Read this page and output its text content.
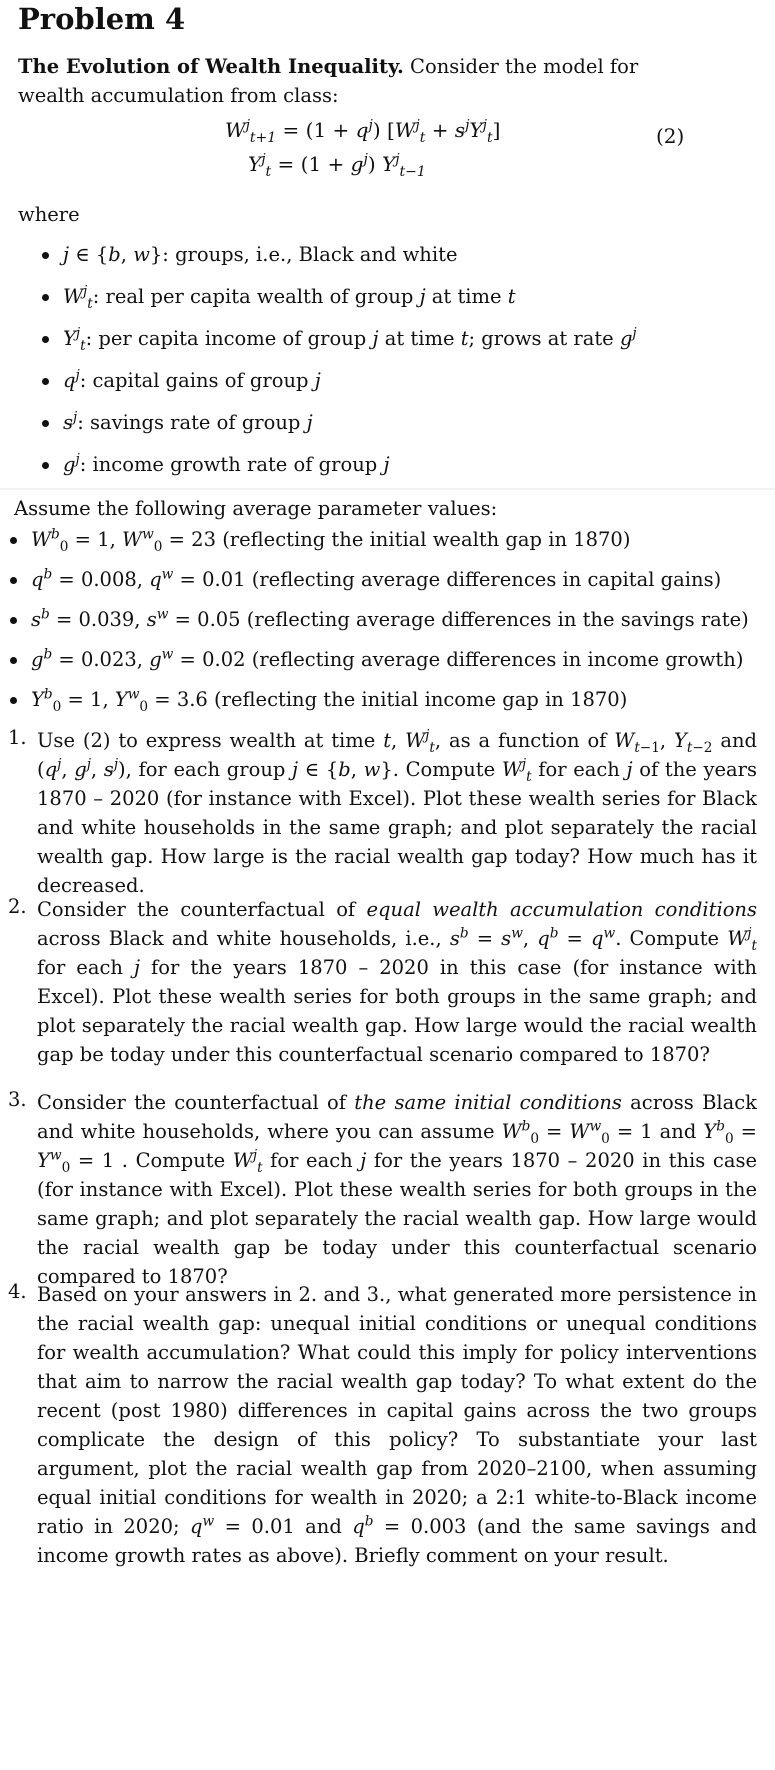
Problem 4
The Evolution of Wealth Inequality. Consider the model for wealth accumulation from class:
$W^j_{t+1} = (1 + q^j) [W^j_t + s^jY^j_t]$
$Y^j_t = (1 + g^j)$ $Y^j_{t-1}$
(2)
where
j ∈ {b, w}: groups, i.e., Black and white
$W^j_t$: real per capita wealth of group j at time t
$Y^j_t$: per capita income of group j at time t; grows at rate $g^j$
$q^j$: capital gains of group j
$s^j$: savings rate of group j
$g^j$: income growth rate of group j
Assume the following average parameter values:
$W^b_0 = 1$, $W^w_0 = 23$ (reflecting the initial wealth gap in 1870)
$q^b = 0.008$, $q^w = 0.01$ (reflecting average differences in capital gains)
$s^b = 0.039$, $s^w = 0.05$ (reflecting average differences in the savings rate)
$g^b = 0.023$, $g^w = 0.02$ (reflecting average differences in income growth)
$Y^b_0 = 1$, $Y^w_0 = 3.6$ (reflecting the initial income gap in 1870)
1. Use (2) to express wealth at time t, $W^j_t$, as a function of $W_{t-1}$, $Y_{t-2}$ and ($q^j$, $g^j$, $s^j$), for each group j ∈ {b, w}. Compute $W^j_t$ for each j of the years 1870 – 2020 (for instance with Excel). Plot these wealth series for Black and white households in the same graph; and plot separately the racial wealth gap. How large is the racial wealth gap today? How much has it decreased.
2. Consider the counterfactual of equal wealth accumulation conditions across Black and white households, i.e., $s^b = s^w$, $q^b = q^w$. Compute $W^j_t$ for each j for the years 1870 – 2020 in this case (for instance with Excel). Plot these wealth series for both groups in the same graph; and plot separately the racial wealth gap. How large would the racial wealth gap be today under this counterfactual scenario compared to 1870?
3. Consider the counterfactual of the same initial conditions across Black and white households, where you can assume $W^b_0 = W^w_0 = 1$ and $Y^b_0 = Y^w_0 = 1$ . Compute $W^j_t$ for each j for the years 1870 – 2020 in this case (for instance with Excel). Plot these wealth series for both groups in the same graph; and plot separately the racial wealth gap. How large would the racial wealth gap be today under this counterfactual scenario compared to 1870?
4. Based on your answers in 2. and 3., what generated more persistence in the racial wealth gap: unequal initial conditions or unequal conditions for wealth accumulation? What could this imply for policy interventions that aim to narrow the racial wealth gap today? To what extent do the recent (post 1980) differences in capital gains across the two groups complicate the design of this policy? To substantiate your last argument, plot the racial wealth gap from 2020–2100, when assuming equal initial conditions for wealth in 2020; a 2:1 white-to-Black income ratio in 2020; $q^w = 0.01$ and $q^b = 0.003$ (and the same savings and income growth rates as above). Briefly comment on your result.
